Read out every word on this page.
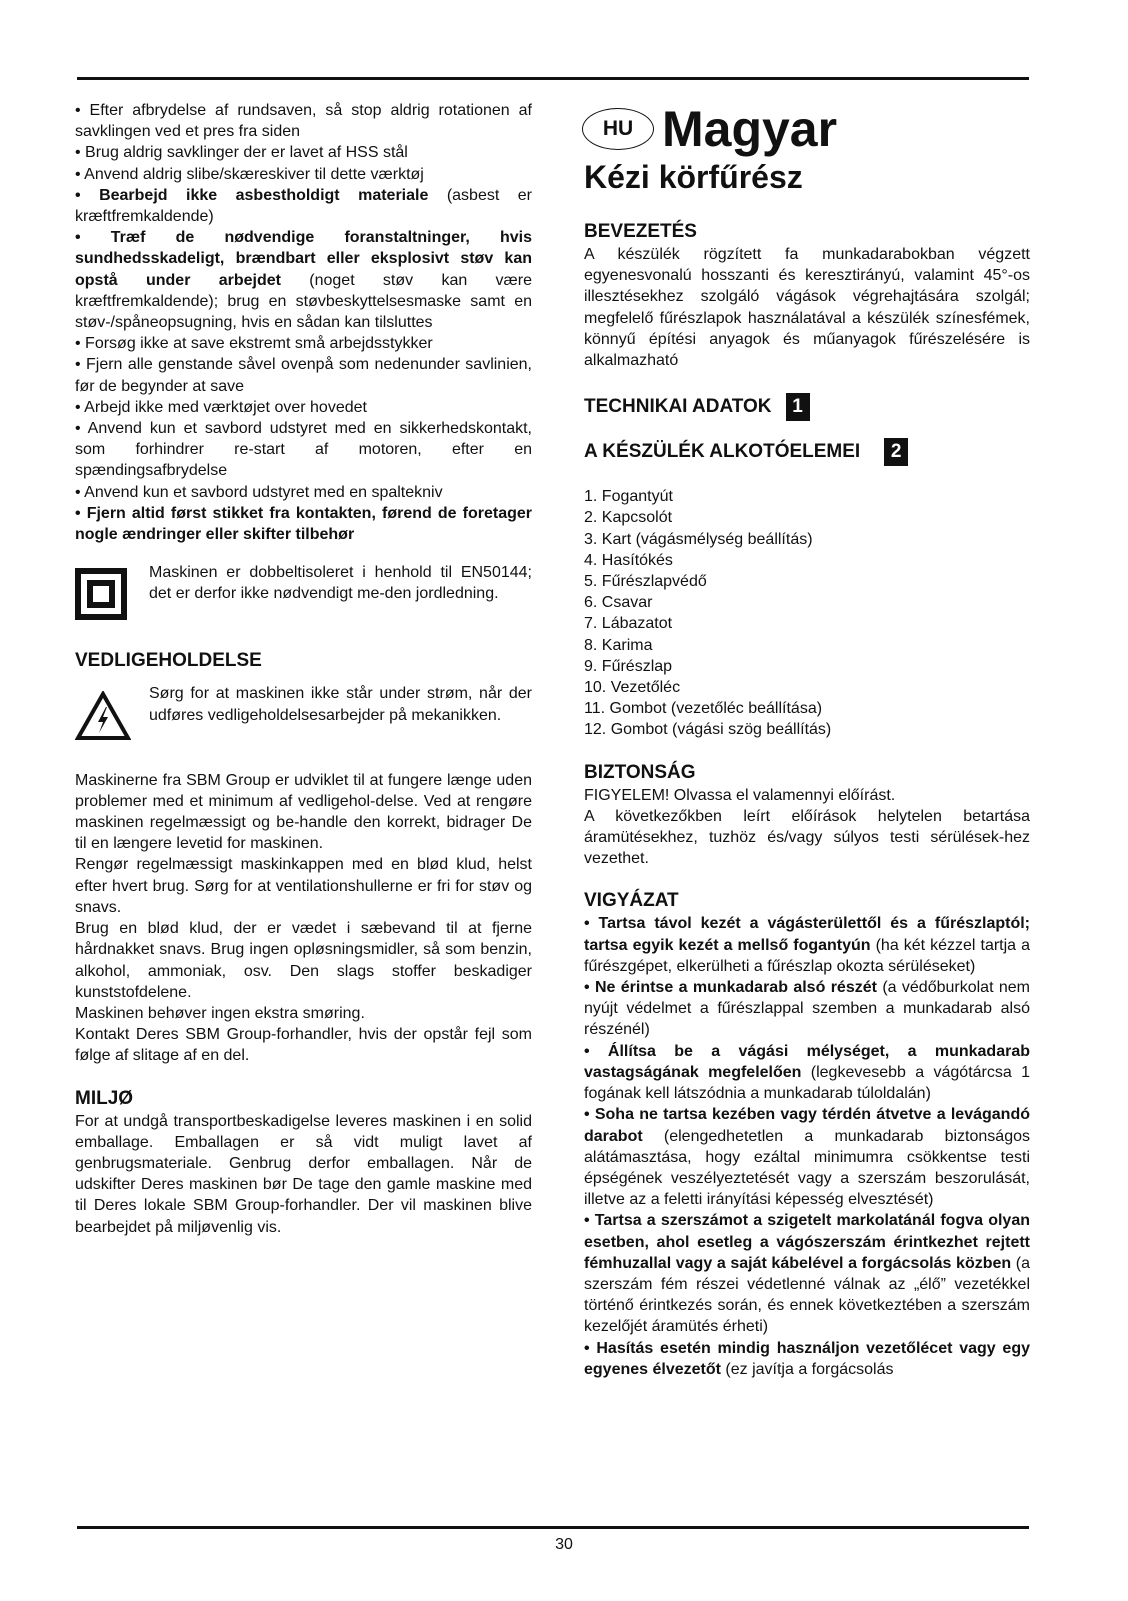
• Efter afbrydelse af rundsaven, så stop aldrig rotationen af savklingen ved et pres fra siden

• Brug aldrig savklinger der er lavet af HSS stål

• Anvend aldrig slibe/skæreskiver til dette værktøj

• Bearbejd ikke asbestholdigt materiale (asbest er kræftfremkaldende)

• Træf de nødvendige foranstaltninger, hvis sundhedsskadeligt, brændbart eller eksplosivt støv kan opstå under arbejdet (noget støv kan være kræftfremkaldende); brug en støvbeskyttelsesmaske samt en støv-/spåneopsugning, hvis en sådan kan tilsluttes

• Forsøg ikke at save ekstremt små arbejdsstykker

• Fjern alle genstande såvel ovenpå som nedenunder savlinien, før de begynder at save

• Arbejd ikke med værktøjet over hovedet

• Anvend kun et savbord udstyret med en sikkerhedskontakt, som forhindrer re-start af motoren, efter en spændingsafbrydelse

• Anvend kun et savbord udstyret med en spaltekniv

• Fjern altid først stikket fra kontakten, førend de foretager nogle ændringer eller skifter tilbehør

Maskinen er dobbeltisoleret i henhold til EN50144; det er derfor ikke nødvendigt me-den jordledning.
VEDLIGEHOLDELSE
Sørg for at maskinen ikke står under strøm, når der udføres vedligeholdelsesarbejder på mekanikken.

Maskinerne fra SBM Group er udviklet til at fungere længe uden problemer med et minimum af vedligehol-delse. Ved at rengøre maskinen regelmæssigt og be-handle den korrekt, bidrager De til en længere levetid for maskinen.

Rengør regelmæssigt maskinkappen med en blød klud, helst efter hvert brug. Sørg for at ventilationshullerne er fri for støv og snavs.

Brug en blød klud, der er vædet i sæbevand til at fjerne hårdnakket snavs. Brug ingen opløsningsmidler, så som benzin, alkohol, ammoniak, osv. Den slags stoffer beskadiger kunststofdelene.

Maskinen behøver ingen ekstra smøring.

Kontakt Deres SBM Group-forhandler, hvis der opstår fejl som følge af slitage af en del.

MILJØ

For at undgå transportbeskadigelse leveres maskinen i en solid emballage. Emballagen er så vidt muligt lavet af genbrugsmateriale. Genbrug derfor emballagen. Når de udskifter Deres maskinen bør De tage den gamle maskine med til Deres lokale SBM Group-forhandler. Der vil maskinen blive bearbejdet på miljøvenlig vis.

HU Magyar
Kézi körfűrész
BEVEZETÉS

A készülék rögzített fa munkadarabokban végzett egyenesvonalú hosszanti és keresztirányú, valamint 45°-os illesztésekhez szolgáló vágások végrehajtására szolgál; megfelelő fűrészlapok használatával a készülék színesfémek, könnyű építési anyagok és műanyagok fűrészelésére is alkalmazható

TECHNIKAI ADATOK 1
A KÉSZÜLÉK ALKOTÓELEMEI 2

1. Fogantyút

2. Kapcsolót

3. Kart (vágásmélység beállítás)

4. Hasítókés

5. Fűrészlapvédő

6. Csavar

7. Lábazatot

8. Karima

9. Fűrészlap

10. Vezetőléc

11. Gombot (vezetőléc beállítása)

12. Gombot (vágási szög beállítás)

BIZTONSÁG

FIGYELEM! Olvassa el valamennyi előírást.

A következőkben leírt előírások helytelen betartása áramütésekhez, tuzhöz és/vagy súlyos testi sérülések-hez vezethet.

VIGYÁZAT

• Tartsa távol kezét a vágásterülettől és a fűrészlaptól; tartsa egyik kezét a mellső fogantyún (ha két kézzel tartja a fűrészgépet, elkerülheti a fűrészlap okozta sérüléseket)

• Ne érintse a munkadarab alsó részét (a védőburkolat nem nyújt védelmet a fűrészlappal szemben a munkadarab alsó részénél)

• Állítsa be a vágási mélységet, a munkadarab vastagságának megfelelően (legkevesebb a vágótárcsa 1 fogának kell látszódnia a munkadarab túloldalán)

• Soha ne tartsa kezében vagy térdén átvetve a levágandó darabot (elengedhetetlen a munkadarab biztonságos alátámasztása, hogy ezáltal minimumra csökkentse testi épségének veszélyeztetését vagy a szerszám beszorulását, illetve az a feletti irányítási képesség elvesztését)

• Tartsa a szerszámot a szigetelt markolatánál fogva olyan esetben, ahol esetleg a vágószerszám érintkezhet rejtett fémhuzallal vagy a saját kábelével a forgácsolás közben (a szerszám fém részei védetlenné válnak az „élő” vezetékkel történő érintkezés során, és ennek következtében a szerszám kezelőjét áramütés érheti)

• Hasítás esetén mindig használjon vezetőlécet vagy egy egyenes élvezetőt (ez javítja a forgácsolás

30
